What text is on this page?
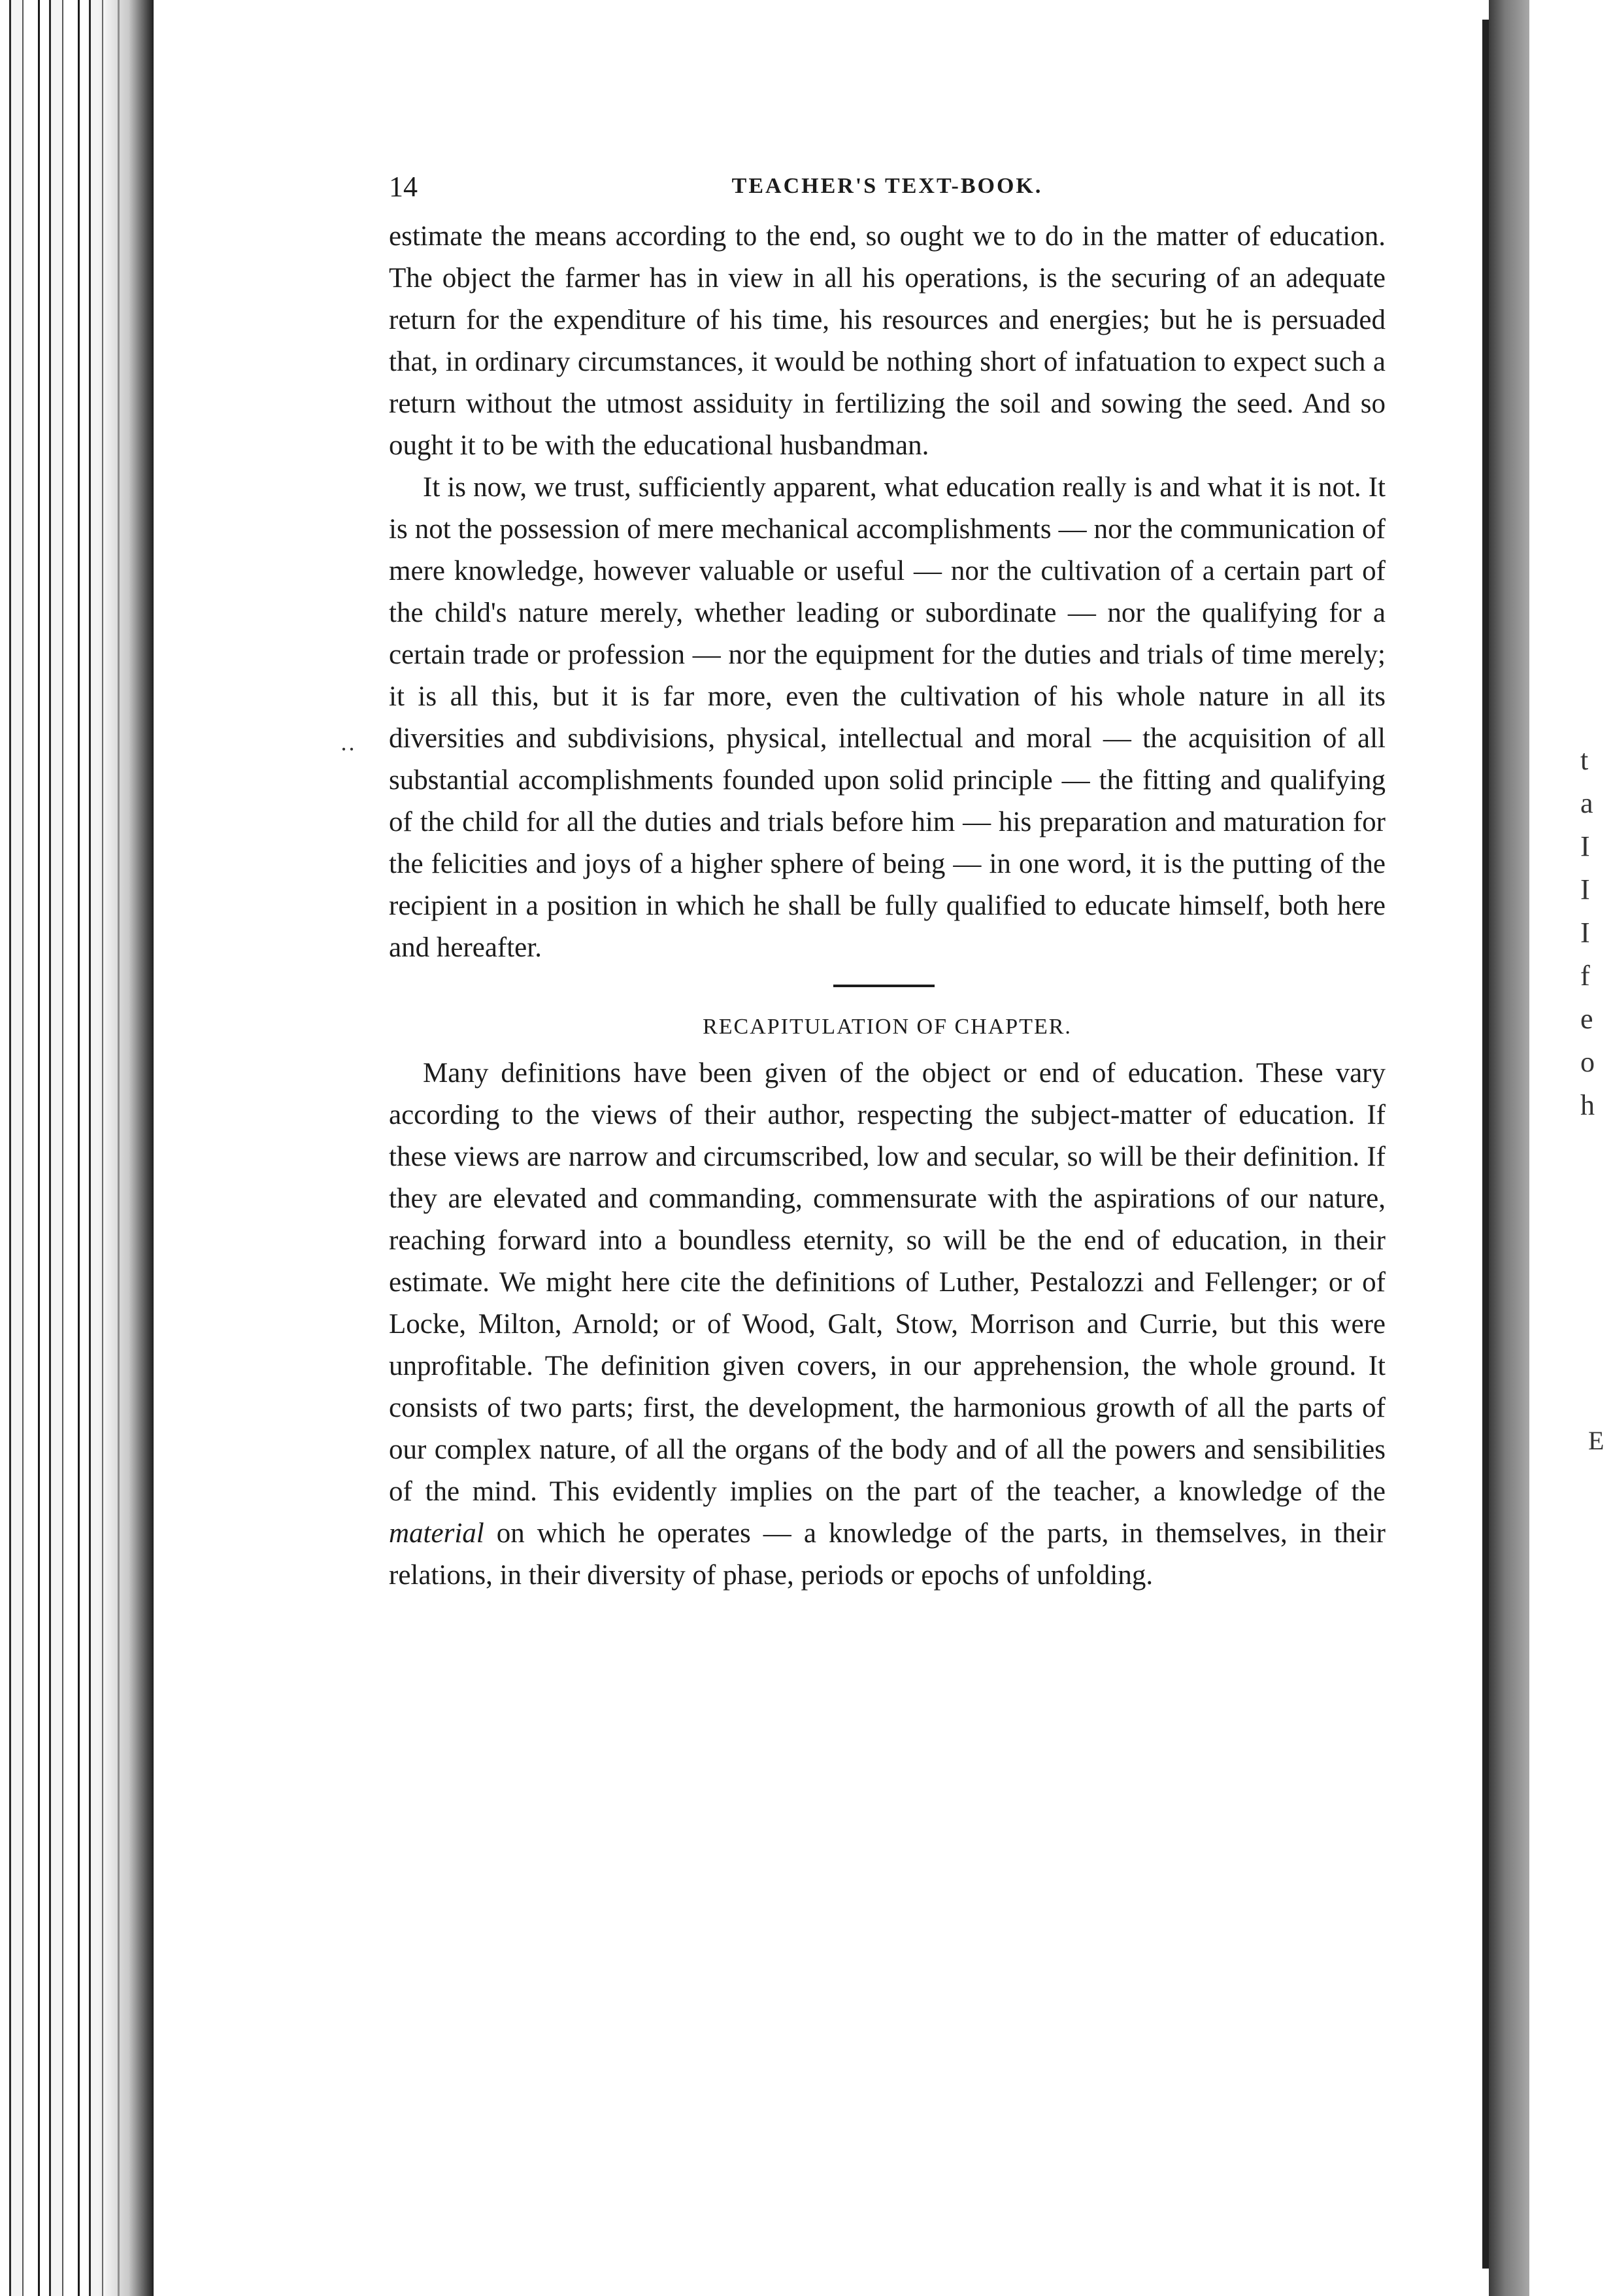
t
a
I
I
I
f
e
o
h
E
··
14	TEACHER'S TEXT-BOOK.

estimate the means according to the end, so ought we to do in the matter of education. The object the farmer has in view in all his operations, is the securing of an adequate return for the expenditure of his time, his resources and energies; but he is persuaded that, in ordinary circumstances, it would be nothing short of infatuation to expect such a return without the utmost assiduity in fertilizing the soil and sowing the seed. And so ought it to be with the educational husbandman.

It is now, we trust, sufficiently apparent, what education really is and what it is not. It is not the possession of mere mechanical accomplishments — nor the communication of mere knowledge, however valuable or useful — nor the cultivation of a certain part of the child's nature merely, whether leading or subordinate — nor the qualifying for a certain trade or profession — nor the equipment for the duties and trials of time merely; it is all this, but it is far more, even the cultivation of his whole nature in all its diversities and subdivisions, physical, intellectual and moral — the acquisition of all substantial accomplishments founded upon solid principle — the fitting and qualifying of the child for all the duties and trials before him — his preparation and maturation for the felicities and joys of a higher sphere of being — in one word, it is the putting of the recipient in a position in which he shall be fully qualified to educate himself, both here and hereafter.

RECAPITULATION OF CHAPTER.

Many definitions have been given of the object or end of education. These vary according to the views of their author, respecting the subject-matter of education. If these views are narrow and circumscribed, low and secular, so will be their definition. If they are elevated and commanding, commensurate with the aspirations of our nature, reaching forward into a boundless eternity, so will be the end of education, in their estimate. We might here cite the definitions of Luther, Pestalozzi and Fellenger; or of Locke, Milton, Arnold; or of Wood, Galt, Stow, Morrison and Currie, but this were unprofitable. The definition given covers, in our apprehension, the whole ground. It consists of two parts; first, the development, the harmonious growth of all the parts of our complex nature, of all the organs of the body and of all the powers and sensibilities of the mind. This evidently implies on the part of the teacher, a knowledge of the material on which he operates — a knowledge of the parts, in themselves, in their relations, in their diversity of phase, periods or epochs of unfolding.
